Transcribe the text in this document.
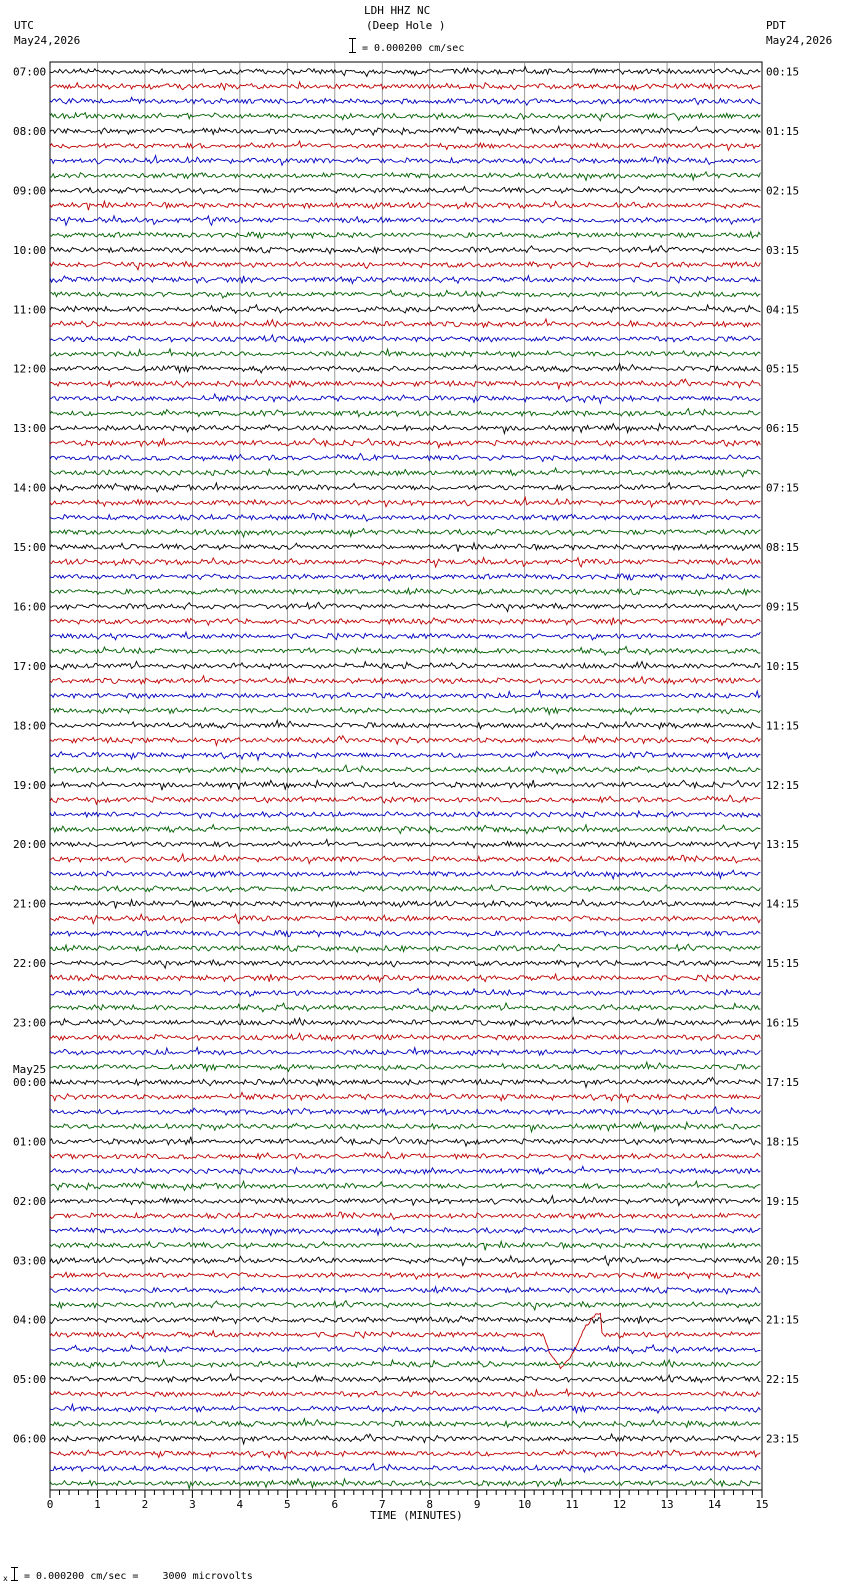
LDH HHZ NC
(Deep Hole )
= 0.000200 cm/sec
UTC
May24,2026
PDT
May24,2026
0	1	2	3	4	5	6	7	8	9	10	11	12	13	14	15
07:00
08:00
09:00
10:00
11:00
12:00
13:00
14:00
15:00
16:00
17:00
18:00
19:00
20:00
21:00
22:00
23:00
May25
00:00
01:00
02:00
03:00
04:00
05:00
06:00
00:15
01:15
02:15
03:15
04:15
05:15
06:15
07:15
08:15
09:15
10:15
11:15
12:15
13:15
14:15
15:15
16:15
17:15
18:15
19:15
20:15
21:15
22:15
23:15
TIME (MINUTES)
x = 0.000200 cm/sec =    3000 microvolts
